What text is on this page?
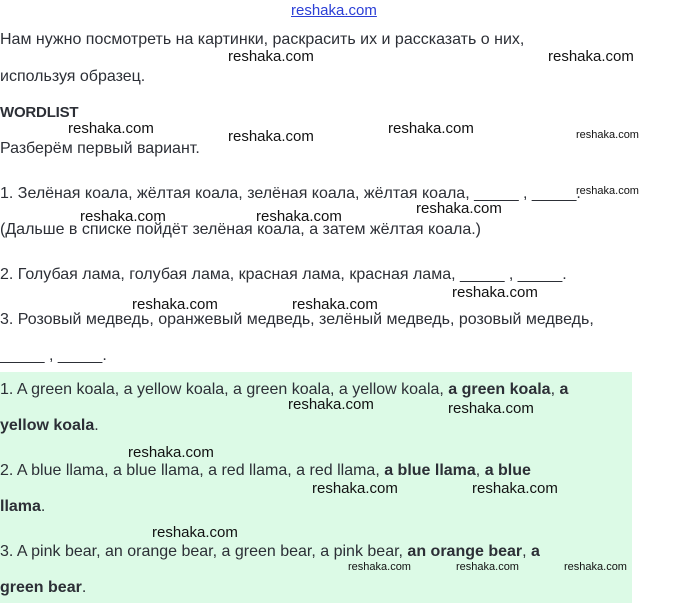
reshaka.com
Нам нужно посмотреть на картинки, раскрасить их и рассказать о них,
используя образец.
WORDLIST
Разберём первый вариант.
1. Зелёная коала, жёлтая коала, зелёная коала, жёлтая коала, _____ , _____.
(Дальше в списке пойдёт зелёная коала, а затем жёлтая коала.)
2. Голубая лама, голубая лама, красная лама, красная лама, _____ , _____.
3. Розовый медведь, оранжевый медведь, зелёный медведь, розовый медведь,
_____ , _____.
1. A green koala, a yellow koala, a green koala, a yellow koala, a green koala, a
yellow koala.
2. A blue llama, a blue llama, a red llama, a red llama, a blue llama, a blue
llama.
3. A pink bear, an orange bear, a green bear, a pink bear, an orange bear, a
green bear.
reshaka.com	reshaka.com
reshaka.com	reshaka.com	reshaka.com	reshaka.com
reshaka.com
reshaka.com	reshaka.com	reshaka.com
reshaka.com
reshaka.com	reshaka.com
reshaka.com	reshaka.com
reshaka.com
reshaka.com	reshaka.com
reshaka.com
reshaka.com	reshaka.com	reshaka.com
